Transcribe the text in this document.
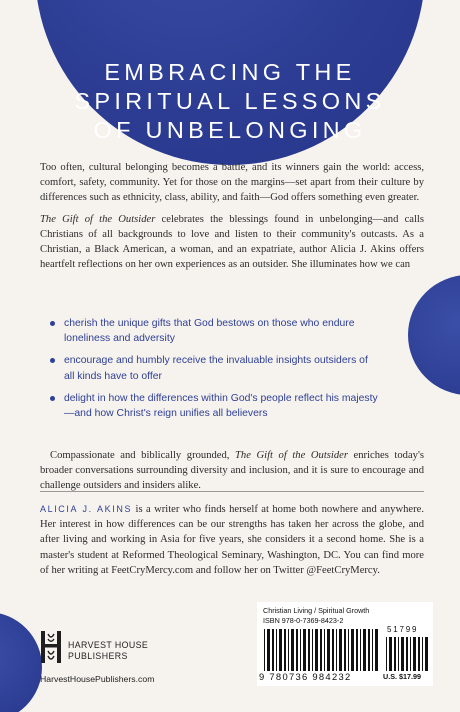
EMBRACING THE
SPIRITUAL LESSONS
OF UNBELONGING

Too often, cultural belonging becomes a battle, and its winners gain the world: access, comfort, safety, community. Yet for those on the margins—set apart from their culture by differences such as ethnicity, class, ability, and faith—God offers something even greater.

The Gift of the Outsider celebrates the blessings found in unbelonging—and calls Christians of all backgrounds to love and listen to their community's outcasts. As a Christian, a Black American, a woman, and an expatriate, author Alicia J. Akins offers heartfelt reflections on her own experiences as an outsider. She illuminates how we can

cherish the unique gifts that God bestows on those who endure loneliness and adversity
encourage and humbly receive the invaluable insights outsiders of all kinds have to offer
delight in how the differences within God's people reflect his majesty—and how Christ's reign unifies all believers

Compassionate and biblically grounded, The Gift of the Outsider enriches today's broader conversations surrounding diversity and inclusion, and it is sure to encourage and challenge outsiders and insiders alike.

ALICIA J. AKINS is a writer who finds herself at home both nowhere and anywhere. Her interest in how differences can be our strengths has taken her across the globe, and after living and working in Asia for five years, she considers it a second home. She is a master's student at Reformed Theological Seminary, Washington, DC. You can find more of her writing at FeetCryMercy.com and follow her on Twitter @FeetCryMercy.

HARVEST HOUSE
PUBLISHERS
HarvestHousePublishers.com
Christian Living / Spiritual Growth
ISBN 978-0-7369-8423-2
51799
9 780736 984232	U.S. $17.99
